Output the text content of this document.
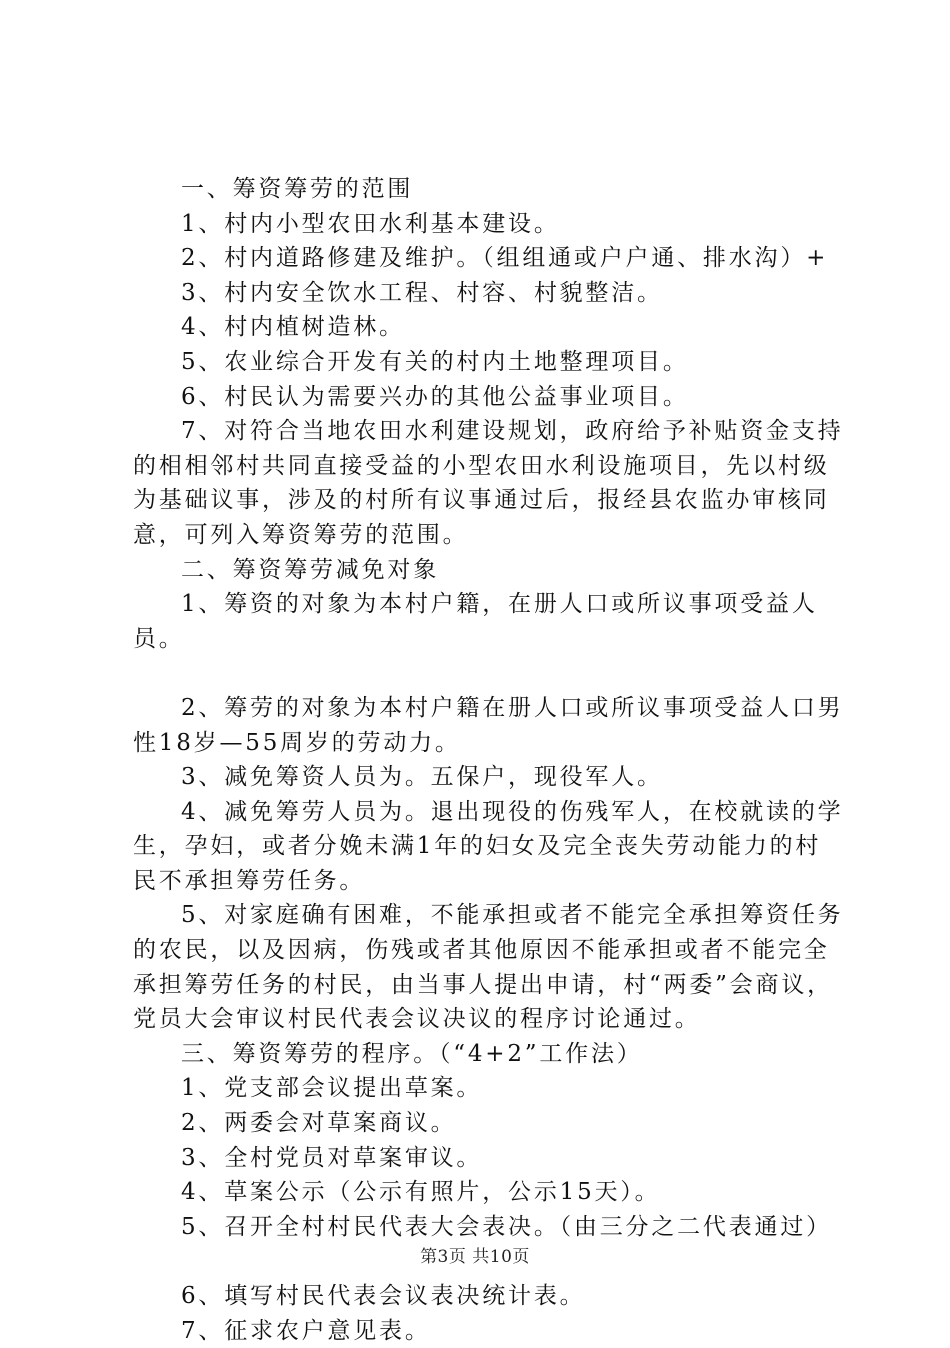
一、筹资筹劳的范围

1、村内小型农田水利基本建设。

2、村内道路修建及维护。（组组通或户户通、排水沟）+

3、村内安全饮水工程、村容、村貌整洁。

4、村内植树造林。

5、农业综合开发有关的村内土地整理项目。

6、村民认为需要兴办的其他公益事业项目。

7、对符合当地农田水利建设规划，政府给予补贴资金支持的相相邻村共同直接受益的小型农田水利设施项目，先以村级为基础议事，涉及的村所有议事通过后，报经县农监办审核同意，可列入筹资筹劳的范围。

二、筹资筹劳减免对象

1、筹资的对象为本村户籍，在册人口或所议事项受益人员。

2、筹劳的对象为本村户籍在册人口或所议事项受益人口男性18岁—55周岁的劳动力。

3、减免筹资人员为。五保户，现役军人。

4、减免筹劳人员为。退出现役的伤残军人，在校就读的学生，孕妇，或者分娩未满1年的妇女及完全丧失劳动能力的村民不承担筹劳任务。

5、对家庭确有困难，不能承担或者不能完全承担筹资任务的农民，以及因病，伤残或者其他原因不能承担或者不能完全承担筹劳任务的村民，由当事人提出申请，村“两委”会商议，党员大会审议村民代表会议决议的程序讨论通过。

三、筹资筹劳的程序。（“4+2”工作法）

1、党支部会议提出草案。

2、两委会对草案商议。

3、全村党员对草案审议。

4、草案公示（公示有照片，公示15天）。

5、召开全村村民代表大会表决。（由三分之二代表通过）

6、填写村民代表会议表决统计表。

7、征求农户意见表。

第3页 共10页
